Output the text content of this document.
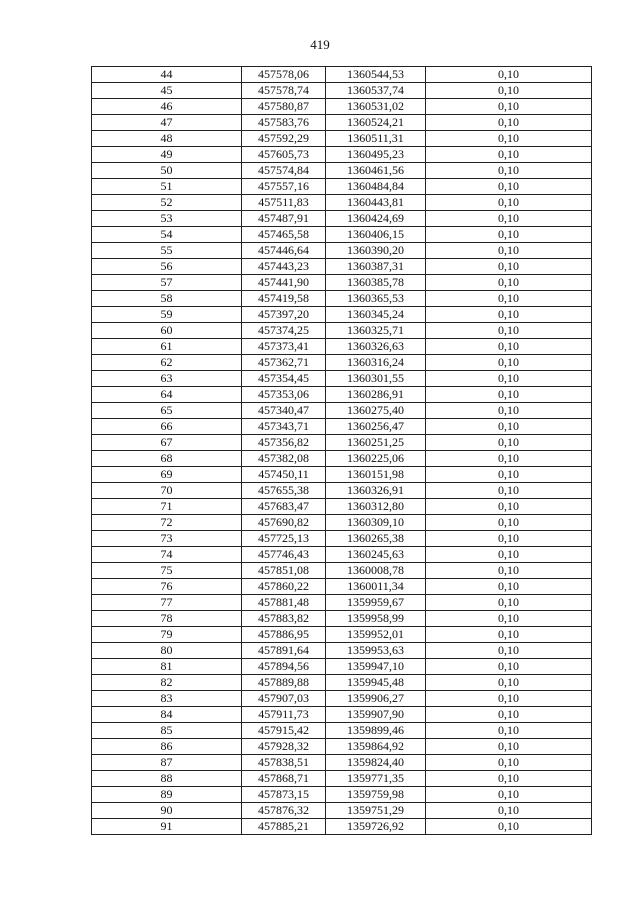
419
44	457578,06	1360544,53	0,10
45	457578,74	1360537,74	0,10
46	457580,87	1360531,02	0,10
47	457583,76	1360524,21	0,10
48	457592,29	1360511,31	0,10
49	457605,73	1360495,23	0,10
50	457574,84	1360461,56	0,10
51	457557,16	1360484,84	0,10
52	457511,83	1360443,81	0,10
53	457487,91	1360424,69	0,10
54	457465,58	1360406,15	0,10
55	457446,64	1360390,20	0,10
56	457443,23	1360387,31	0,10
57	457441,90	1360385,78	0,10
58	457419,58	1360365,53	0,10
59	457397,20	1360345,24	0,10
60	457374,25	1360325,71	0,10
61	457373,41	1360326,63	0,10
62	457362,71	1360316,24	0,10
63	457354,45	1360301,55	0,10
64	457353,06	1360286,91	0,10
65	457340,47	1360275,40	0,10
66	457343,71	1360256,47	0,10
67	457356,82	1360251,25	0,10
68	457382,08	1360225,06	0,10
69	457450,11	1360151,98	0,10
70	457655,38	1360326,91	0,10
71	457683,47	1360312,80	0,10
72	457690,82	1360309,10	0,10
73	457725,13	1360265,38	0,10
74	457746,43	1360245,63	0,10
75	457851,08	1360008,78	0,10
76	457860,22	1360011,34	0,10
77	457881,48	1359959,67	0,10
78	457883,82	1359958,99	0,10
79	457886,95	1359952,01	0,10
80	457891,64	1359953,63	0,10
81	457894,56	1359947,10	0,10
82	457889,88	1359945,48	0,10
83	457907,03	1359906,27	0,10
84	457911,73	1359907,90	0,10
85	457915,42	1359899,46	0,10
86	457928,32	1359864,92	0,10
87	457838,51	1359824,40	0,10
88	457868,71	1359771,35	0,10
89	457873,15	1359759,98	0,10
90	457876,32	1359751,29	0,10
91	457885,21	1359726,92	0,10
